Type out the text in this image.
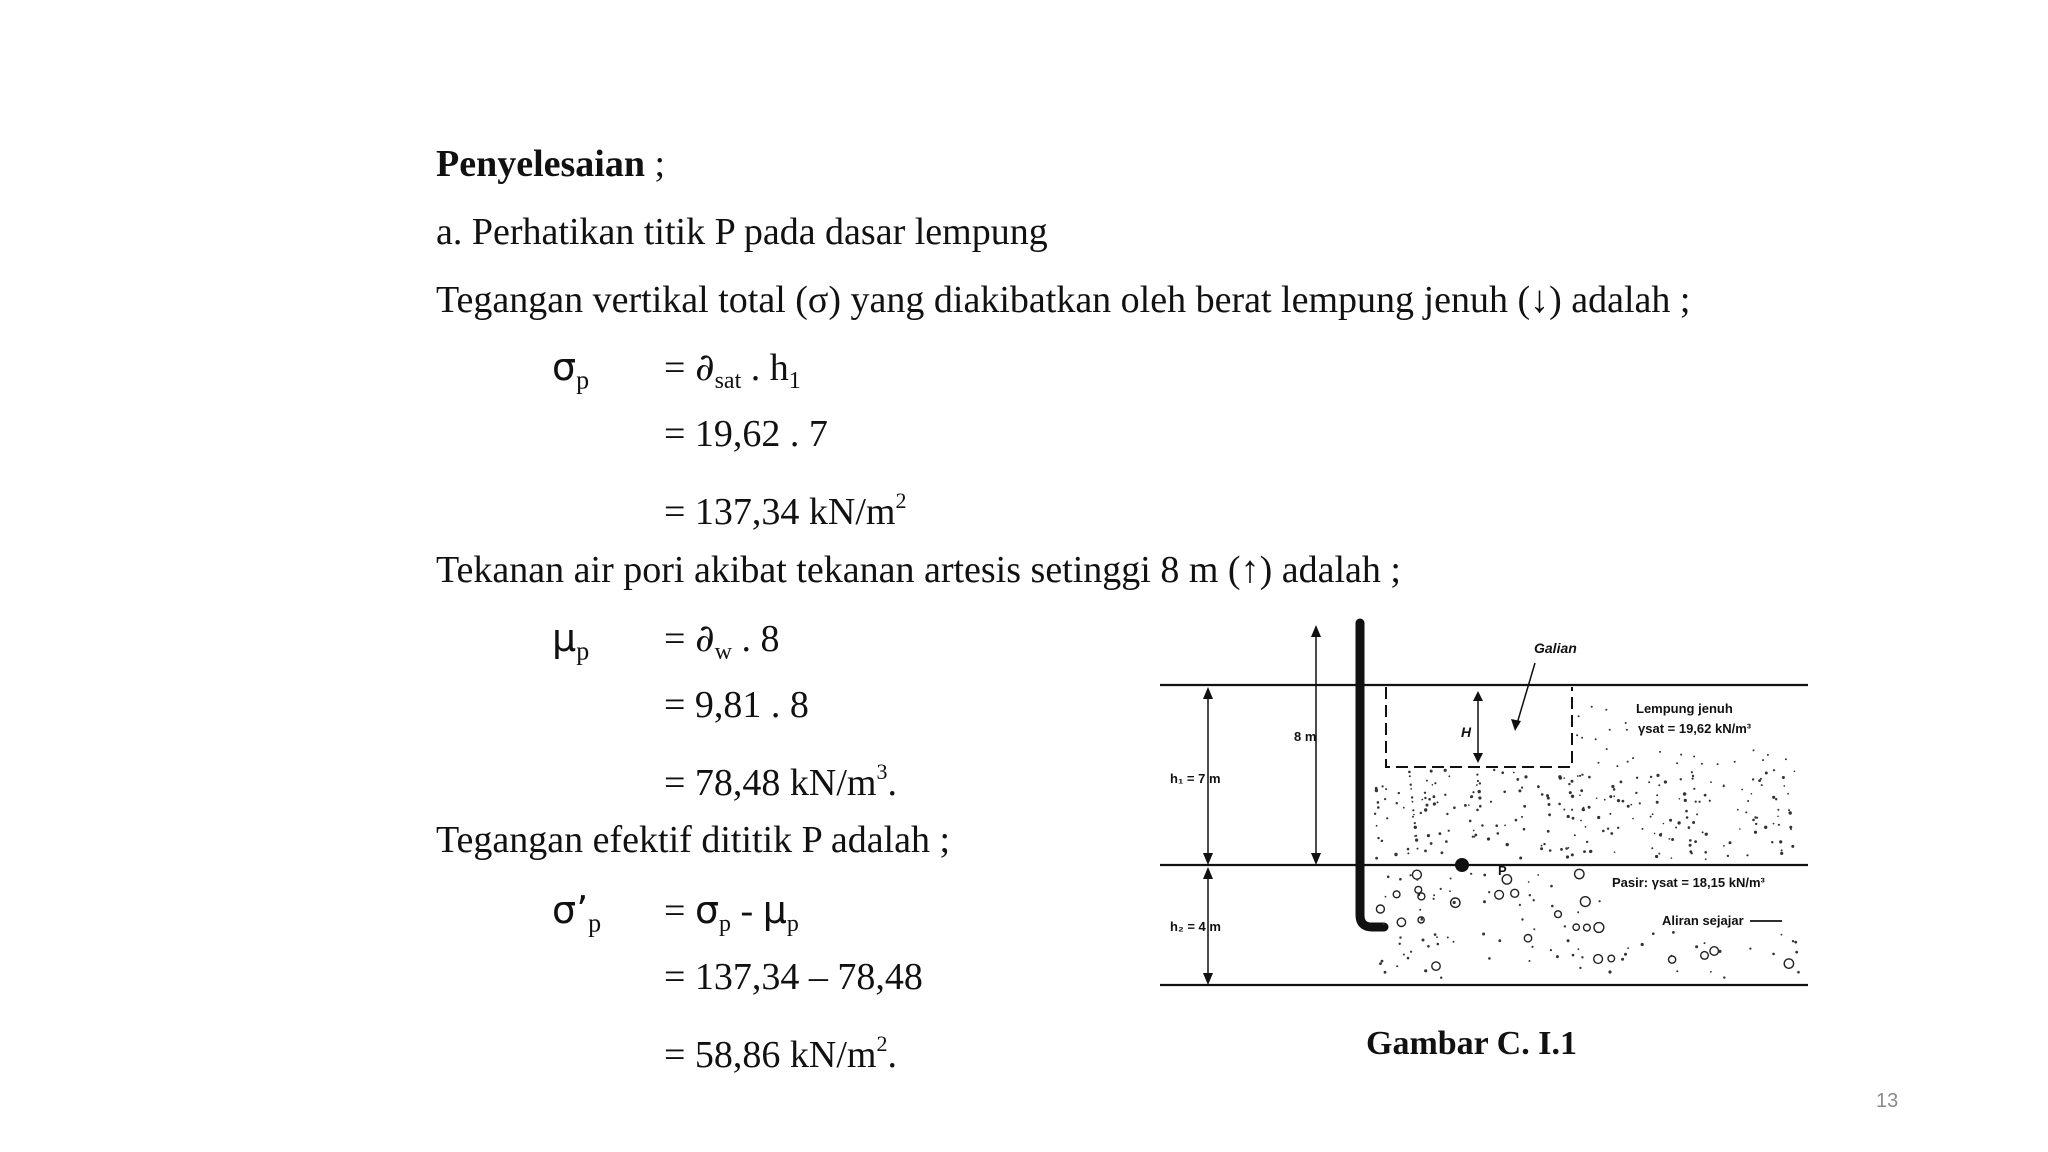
Penyelesaian ;
a. Perhatikan titik P pada dasar lempung
Tegangan vertikal total (σ) yang diakibatkan oleh berat lempung jenuh (↓) adalah ;
$\sigma_p = \partial_{sat}$ . $h_1$
= 19,62 . 7
= 137,34 $kN/m^2$
Tekanan air pori akibat tekanan artesis setinggi 8 m (↑) adalah ;
$\mu_p = \partial_w$ . 8
= 9,81 . 8
= 78,48 $kN/m^3$.
Tegangan efektif dititik P adalah ;
$\sigma’_p = \sigma_p - \mu_p$
= 137,34 – 78,48
= 58,86 $kN/m^2$.
H
Galian
8 m
h₁ = 7 m
h₂ = 4 m
P
Lempung jenuh
γsat = 19,62 kN/m³
Pasir: γsat = 18,15 kN/m³
Aliran sejajar
Gambar C. I.1
13
